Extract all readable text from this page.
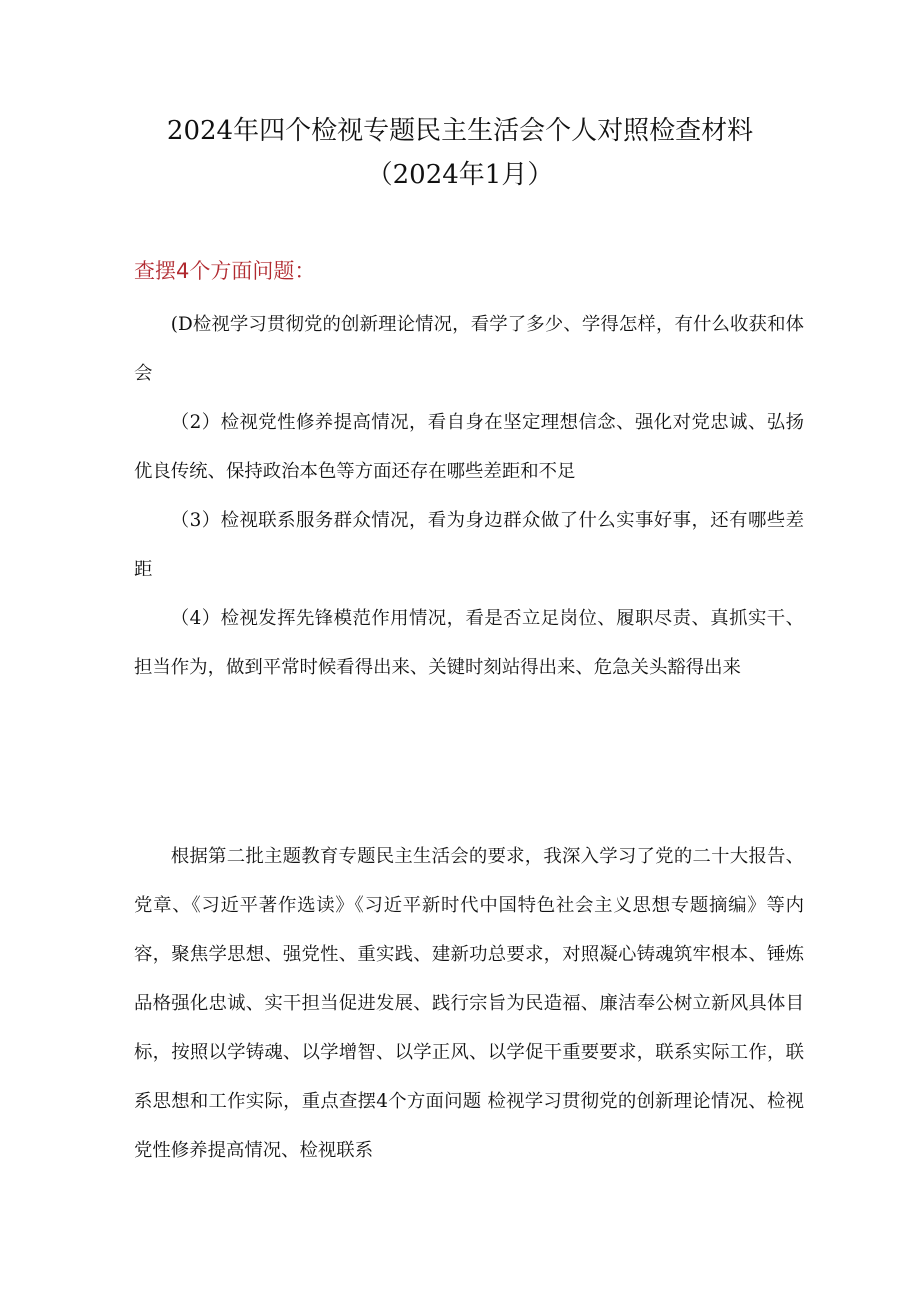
2024年四个检视专题民主生活会个人对照检查材料
（2024年1月）
查摆4个方面问题：
(D检视学习贯彻党的创新理论情况，看学了多少、学得怎样，有什么收获和体会
（2）检视党性修养提高情况，看自身在坚定理想信念、强化对党忠诚、弘扬优良传统、保持政治本色等方面还存在哪些差距和不足
（3）检视联系服务群众情况，看为身边群众做了什么实事好事，还有哪些差距
（4）检视发挥先锋模范作用情况，看是否立足岗位、履职尽责、真抓实干、担当作为，做到平常时候看得出来、关键时刻站得出来、危急关头豁得出来
根据第二批主题教育专题民主生活会的要求，我深入学习了党的二十大报告、党章、《习近平著作选读》《习近平新时代中国特色社会主义思想专题摘编》等内容，聚焦学思想、强党性、重实践、建新功总要求，对照凝心铸魂筑牢根本、锤炼品格强化忠诚、实干担当促进发展、践行宗旨为民造福、廉洁奉公树立新风具体目标，按照以学铸魂、以学增智、以学正风、以学促干重要要求，联系实际工作，联系思想和工作实际，重点查摆4个方面问题 检视学习贯彻党的创新理论情况、检视党性修养提高情况、检视联系
